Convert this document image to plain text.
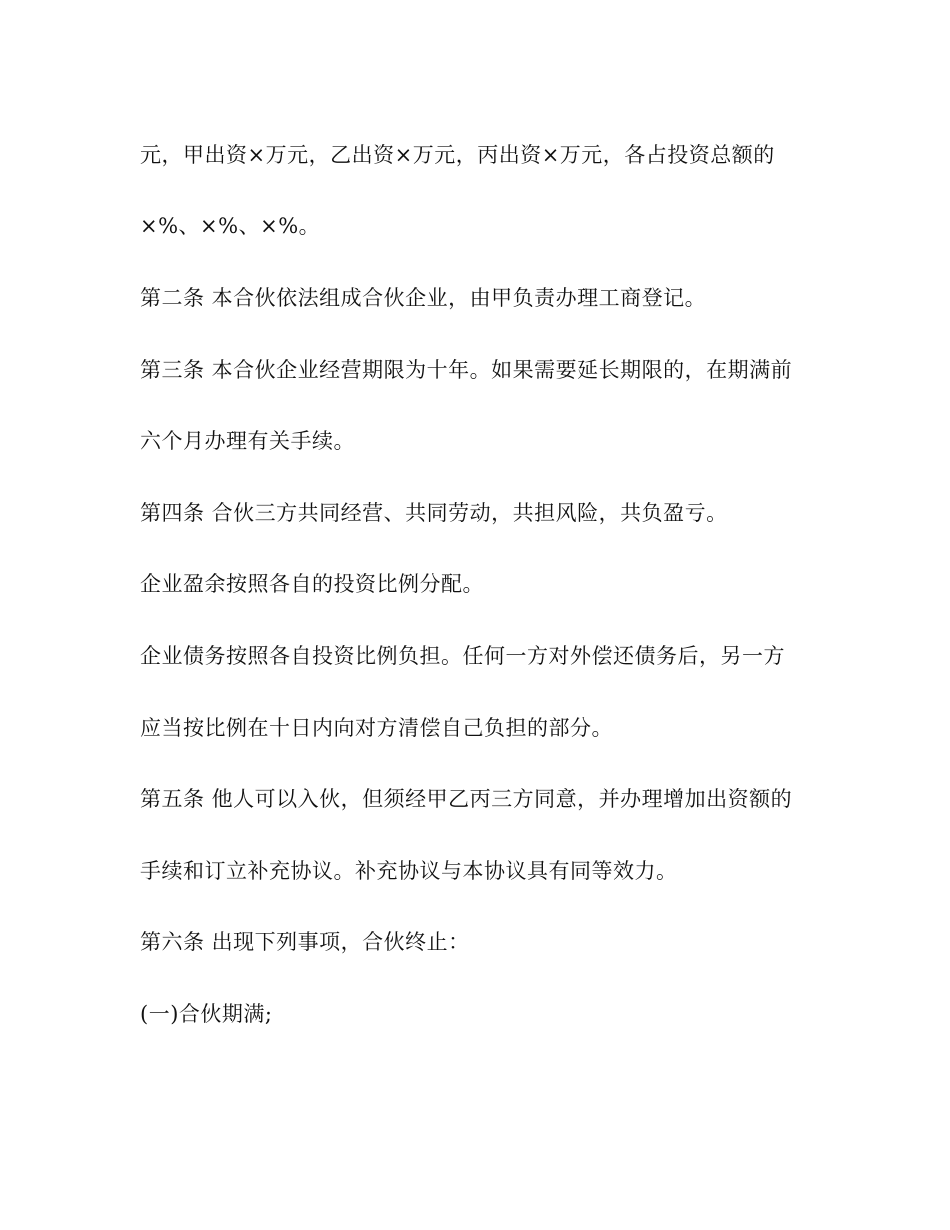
元，甲出资×万元，乙出资×万元，丙出资×万元，各占投资总额的
×%、×%、×%。
第二条 本合伙依法组成合伙企业，由甲负责办理工商登记。
第三条 本合伙企业经营期限为十年。如果需要延长期限的，在期满前
六个月办理有关手续。
第四条 合伙三方共同经营、共同劳动，共担风险，共负盈亏。
企业盈余按照各自的投资比例分配。
企业债务按照各自投资比例负担。任何一方对外偿还债务后，另一方
应当按比例在十日内向对方清偿自己负担的部分。
第五条 他人可以入伙，但须经甲乙丙三方同意，并办理增加出资额的
手续和订立补充协议。补充协议与本协议具有同等效力。
第六条 出现下列事项，合伙终止：
(一)合伙期满;
